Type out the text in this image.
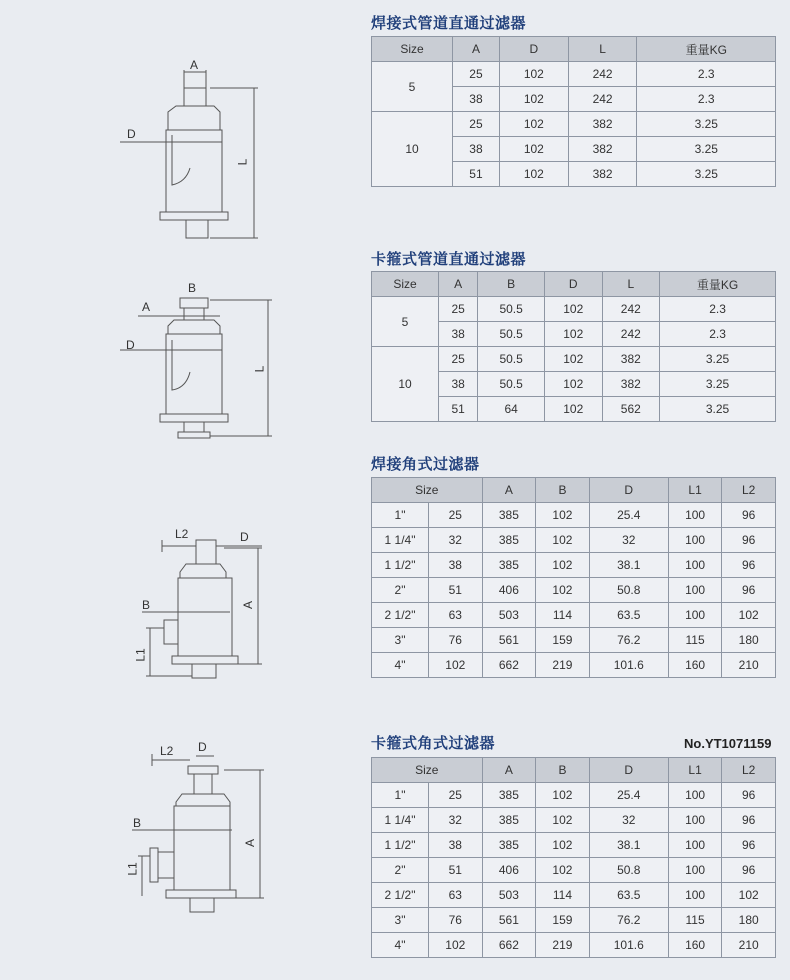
A
D
L
B
A
D
L
L2	D
B	A
L1
L2 D
B
A
L1
焊接式管道直通过滤器
Size	A	D	L	重量KG
5	25	102	242	2.3
	38	102	242	2.3
10	25	102	382	3.25
	38	102	382	3.25
	51	102	382	3.25
卡箍式管道直通过滤器
Size	A	B	D	L	重量KG
5	25	50.5	102	242	2.3
	38	50.5	102	242	2.3
10	25	50.5	102	382	3.25
	38	50.5	102	382	3.25
	51	64	102	562	3.25
焊接角式过滤器
Size		A	B	D	L1	L2
1"	25	385	102	25.4	100	96
1 1/4"	32	385	102	32	100	96
1 1/2"	38	385	102	38.1	100	96
2"	51	406	102	50.8	100	96
2 1/2"	63	503	114	63.5	100	102
3"	76	561	159	76.2	115	180
4"	102	662	219	101.6	160	210
卡箍式角式过滤器	No.YT1071159
Size		A	B	D	L1	L2
1"	25	385	102	25.4	100	96
1 1/4"	32	385	102	32	100	96
1 1/2"	38	385	102	38.1	100	96
2"	51	406	102	50.8	100	96
2 1/2"	63	503	114	63.5	100	102
3"	76	561	159	76.2	115	180
4"	102	662	219	101.6	160	210
